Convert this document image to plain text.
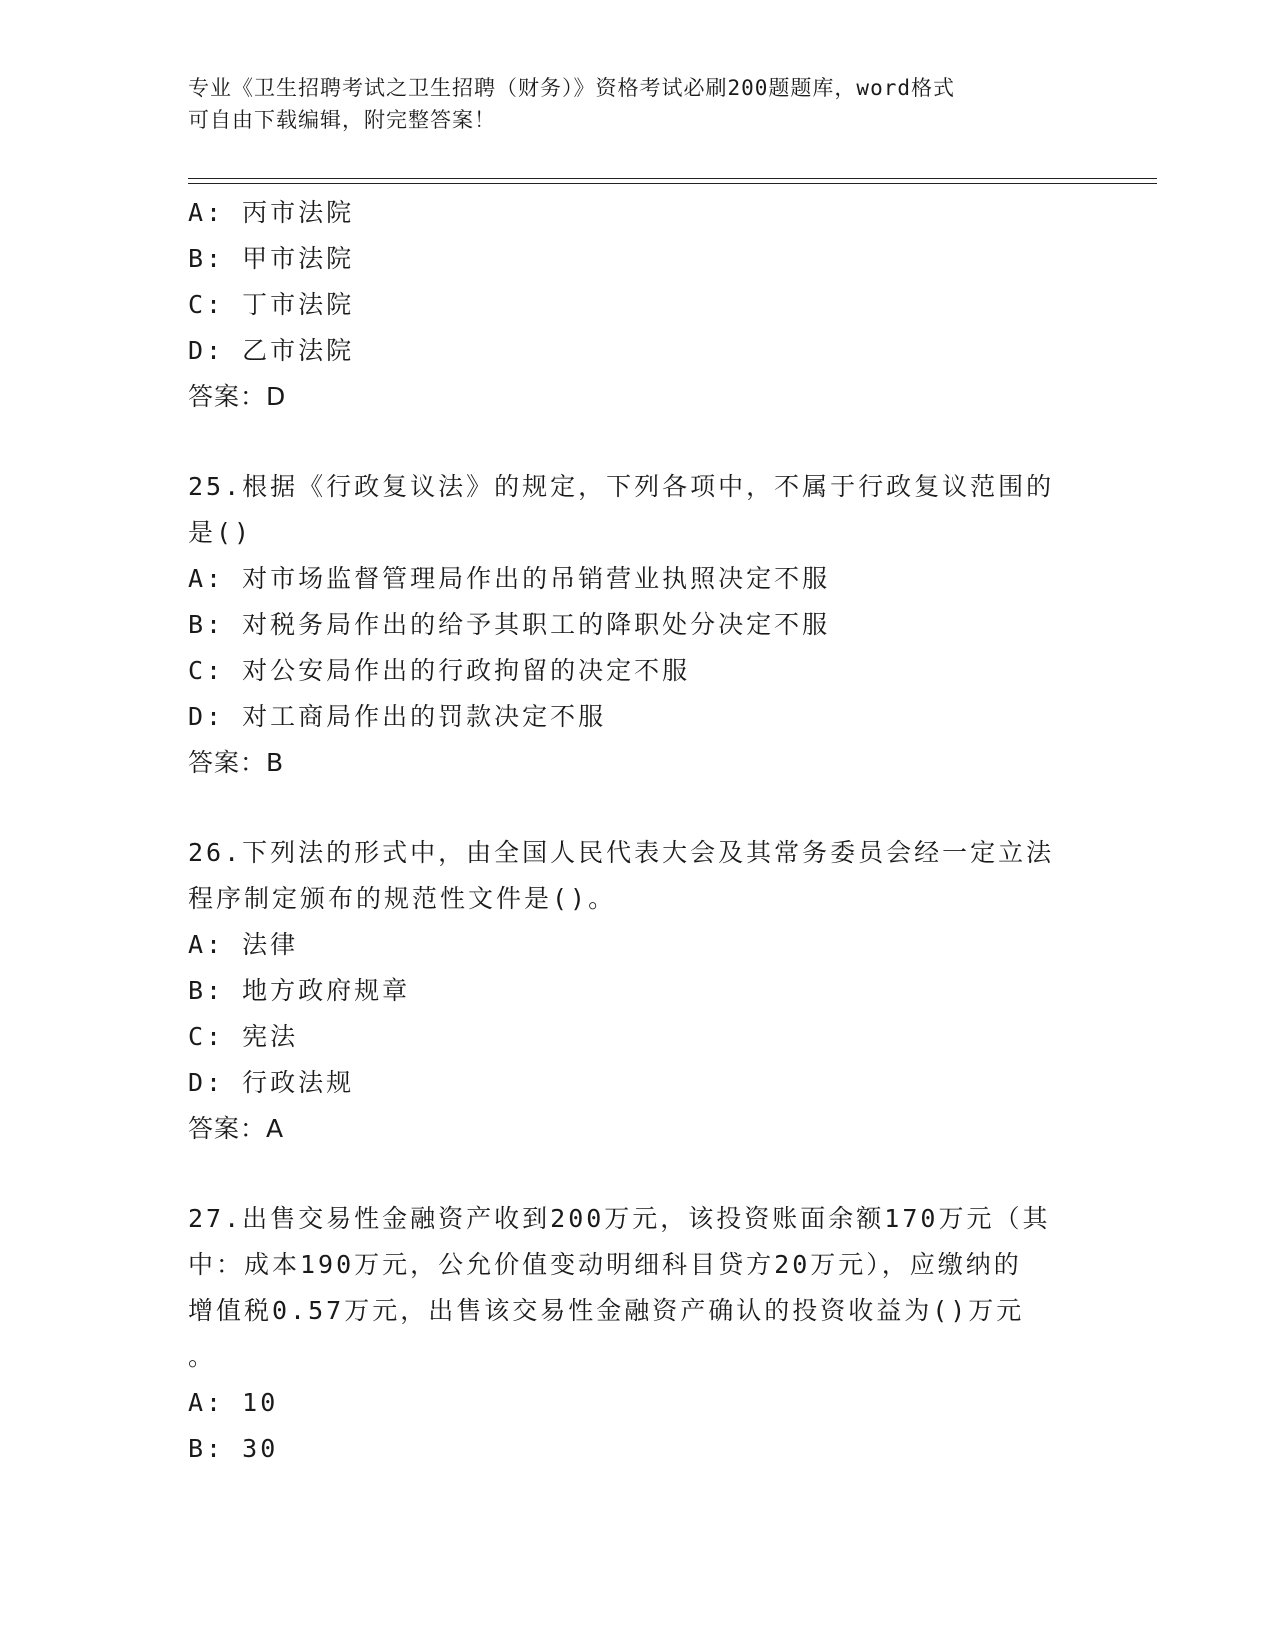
专业《卫生招聘考试之卫生招聘（财务）》资格考试必刷200题题库，word格式
可自由下载编辑，附完整答案！
A: 丙市法院
B: 甲市法院
C: 丁市法院
D: 乙市法院
答案：D
25.根据《行政复议法》的规定，下列各项中，不属于行政复议范围的
是()
A: 对市场监督管理局作出的吊销营业执照决定不服
B: 对税务局作出的给予其职工的降职处分决定不服
C: 对公安局作出的行政拘留的决定不服
D: 对工商局作出的罚款决定不服
答案：B
26.下列法的形式中，由全国人民代表大会及其常务委员会经一定立法
程序制定颁布的规范性文件是()。
A: 法律
B: 地方政府规章
C: 宪法
D: 行政法规
答案：A
27.出售交易性金融资产收到200万元，该投资账面余额170万元（其
中：成本190万元，公允价值变动明细科目贷方20万元），应缴纳的
增值税0.57万元，出售该交易性金融资产确认的投资收益为()万元
。
A: 10
B: 30
